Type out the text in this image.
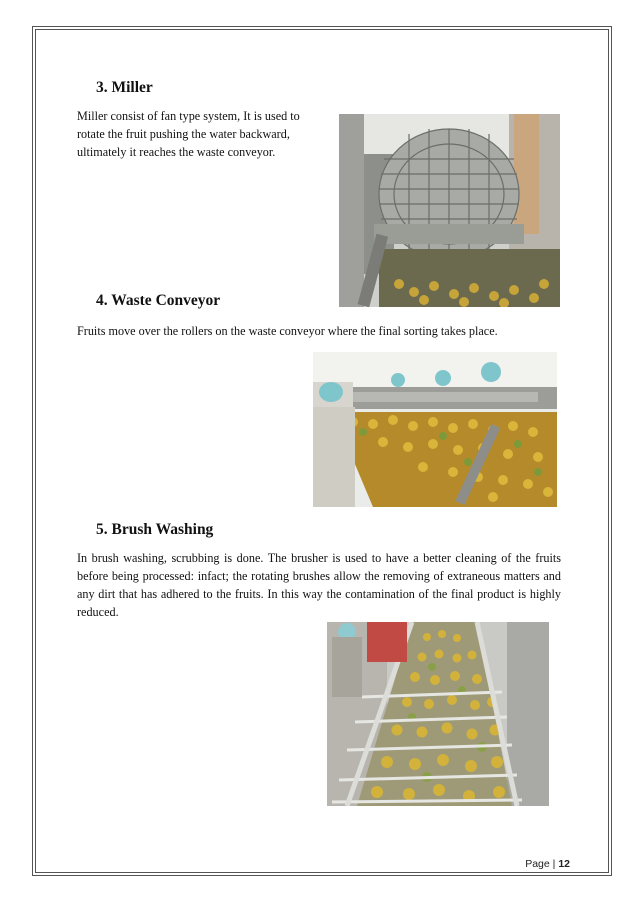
3. Miller

Miller consist of fan type system, It is used to rotate the fruit pushing the water backward, ultimately it reaches the waste conveyor.

4. Waste Conveyor

Fruits move over the rollers on the waste conveyor where the final sorting takes place.

5. Brush Washing

In brush washing, scrubbing is done. The brusher is used to have a better cleaning of the fruits before being processed: infact; the rotating brushes allow the removing of extraneous matters and any dirt that has adhered to the fruits. In this way the contamination of the final product is highly reduced.

Page | 12
